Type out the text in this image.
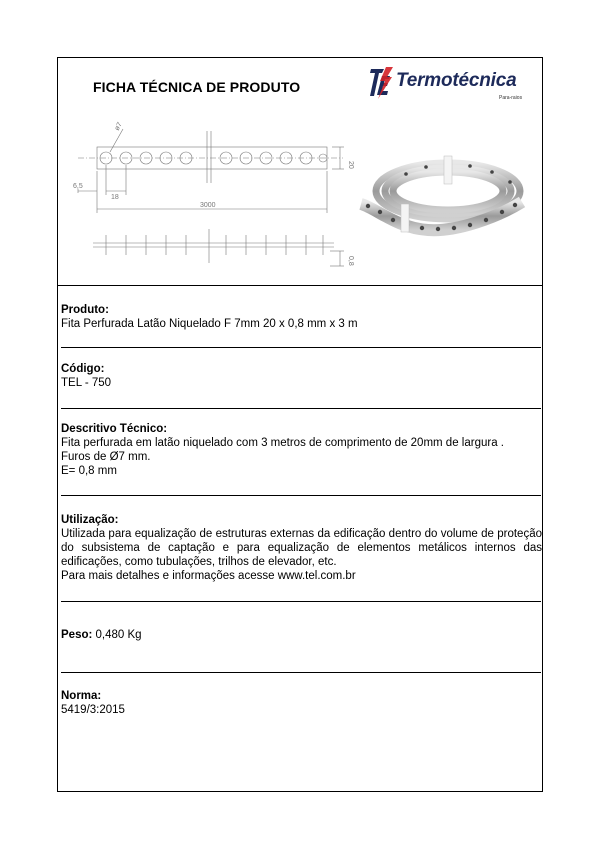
FICHA TÉCNICA DE PRODUTO	Termotécnica
Para-raios
ø7
20
6,5
18
3000
0,8
Produto:
Fita Perfurada Latão Niquelado F 7mm 20 x 0,8 mm x 3 m
Código:
TEL - 750
Descritivo Técnico:
Fita perfurada em latão niquelado com 3 metros de comprimento de 20mm de largura .
Furos de Ø7 mm.
E= 0,8 mm
Utilização:
Utilizada para equalização de estruturas externas da edificação dentro do volume de proteção do subsistema de captação e para equalização de elementos metálicos internos das edificações, como tubulações, trilhos de elevador, etc.
Para mais detalhes e informações acesse www.tel.com.br
Peso: 0,480 Kg
Norma:
5419/3:2015
